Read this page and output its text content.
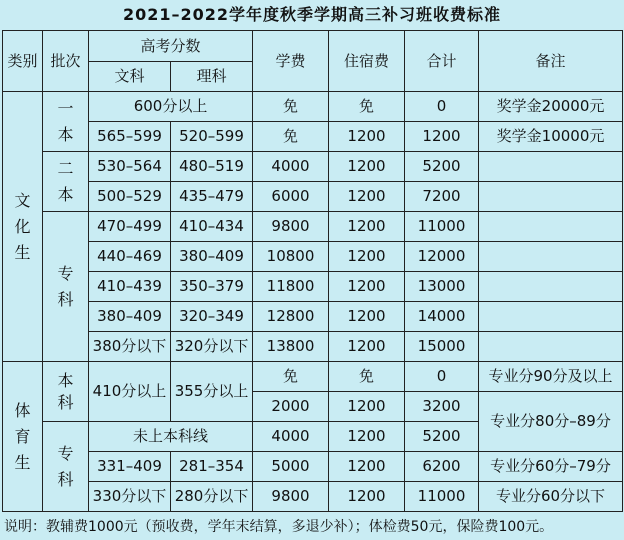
2021–2022学年度秋季学期高三补习班收费标准
类别	批次	高考分数		学费	住宿费	合计	备注
		文科	理科				
文化生	一本	600分以上		免	免	0	奖学金20000元
		565–599	520–599	免	1200	1200	奖学金10000元
	二本	530–564	480–519	4000	1200	5200	
		500–529	435–479	6000	1200	7200	
	专科	470–499	410–434	9800	1200	11000	
		440–469	380–409	10800	1200	12000	
		410–439	350–379	11800	1200	13000	
		380–409	320–349	12800	1200	14000	
		380分以下	320分以下	13800	1200	15000	
体育生	本科	410分以上	355分以上	免	免	0	专业分90分及以上
				2000	1200	3200	专业分80分–89分
	专科	未上本科线		4000	1200	5200	
		331–409	281–354	5000	1200	6200	专业分60分–79分
		330分以下	280分以下	9800	1200	11000	专业分60分以下
说明：教辅费1000元（预收费，学年末结算，多退少补）；体检费50元，保险费100元。
